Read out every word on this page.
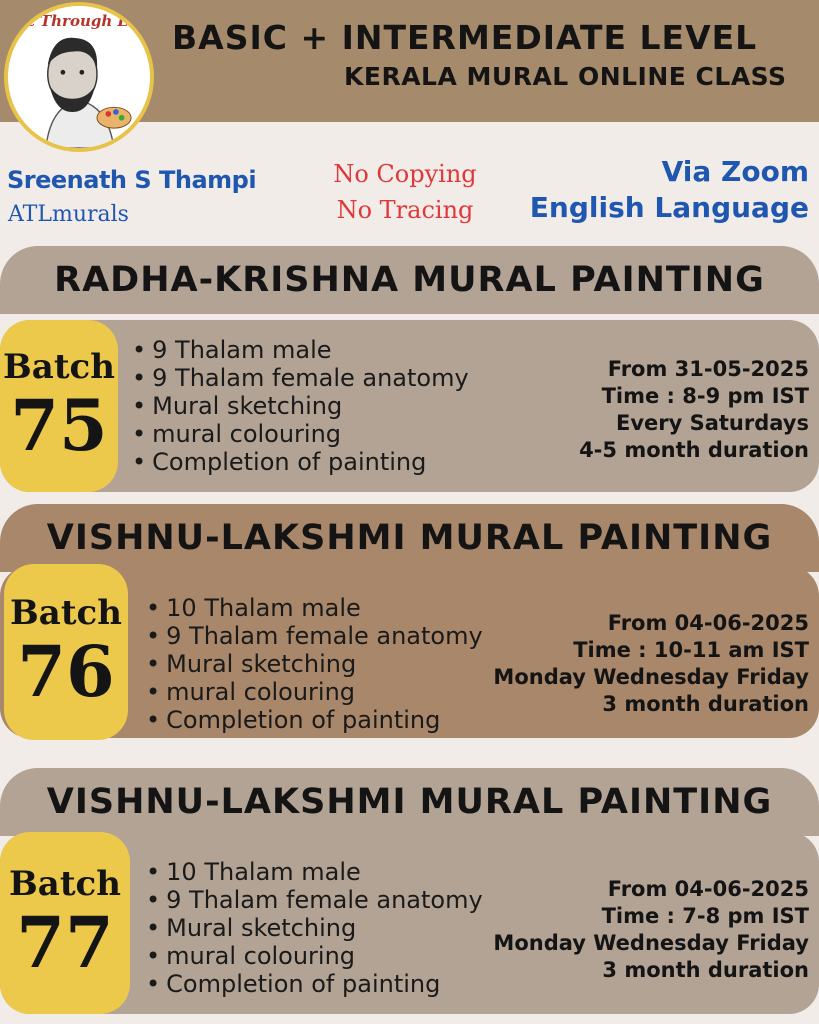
Art Through Life BASIC + INTERMEDIATE LEVEL
KERALA MURAL ONLINE CLASS
Sreenath S Thampi
ATLmurals
No Copying
No Tracing
Via Zoom
English Language
RADHA-KRISHNA MURAL PAINTING
Batch
75
• 9 Thalam male
• 9 Thalam female anatomy
• Mural sketching
• mural colouring
• Completion of painting
From 31-05-2025
Time : 8-9 pm IST
Every Saturdays
4-5 month duration
VISHNU-LAKSHMI MURAL PAINTING
Batch
76
• 10 Thalam male
• 9 Thalam female anatomy
• Mural sketching
• mural colouring
• Completion of painting
From 04-06-2025
Time : 10-11 am IST
Monday Wednesday Friday
3 month duration
VISHNU-LAKSHMI MURAL PAINTING
Batch
77
• 10 Thalam male
• 9 Thalam female anatomy
• Mural sketching
• mural colouring
• Completion of painting
From 04-06-2025
Time : 7-8 pm IST
Monday Wednesday Friday
3 month duration
